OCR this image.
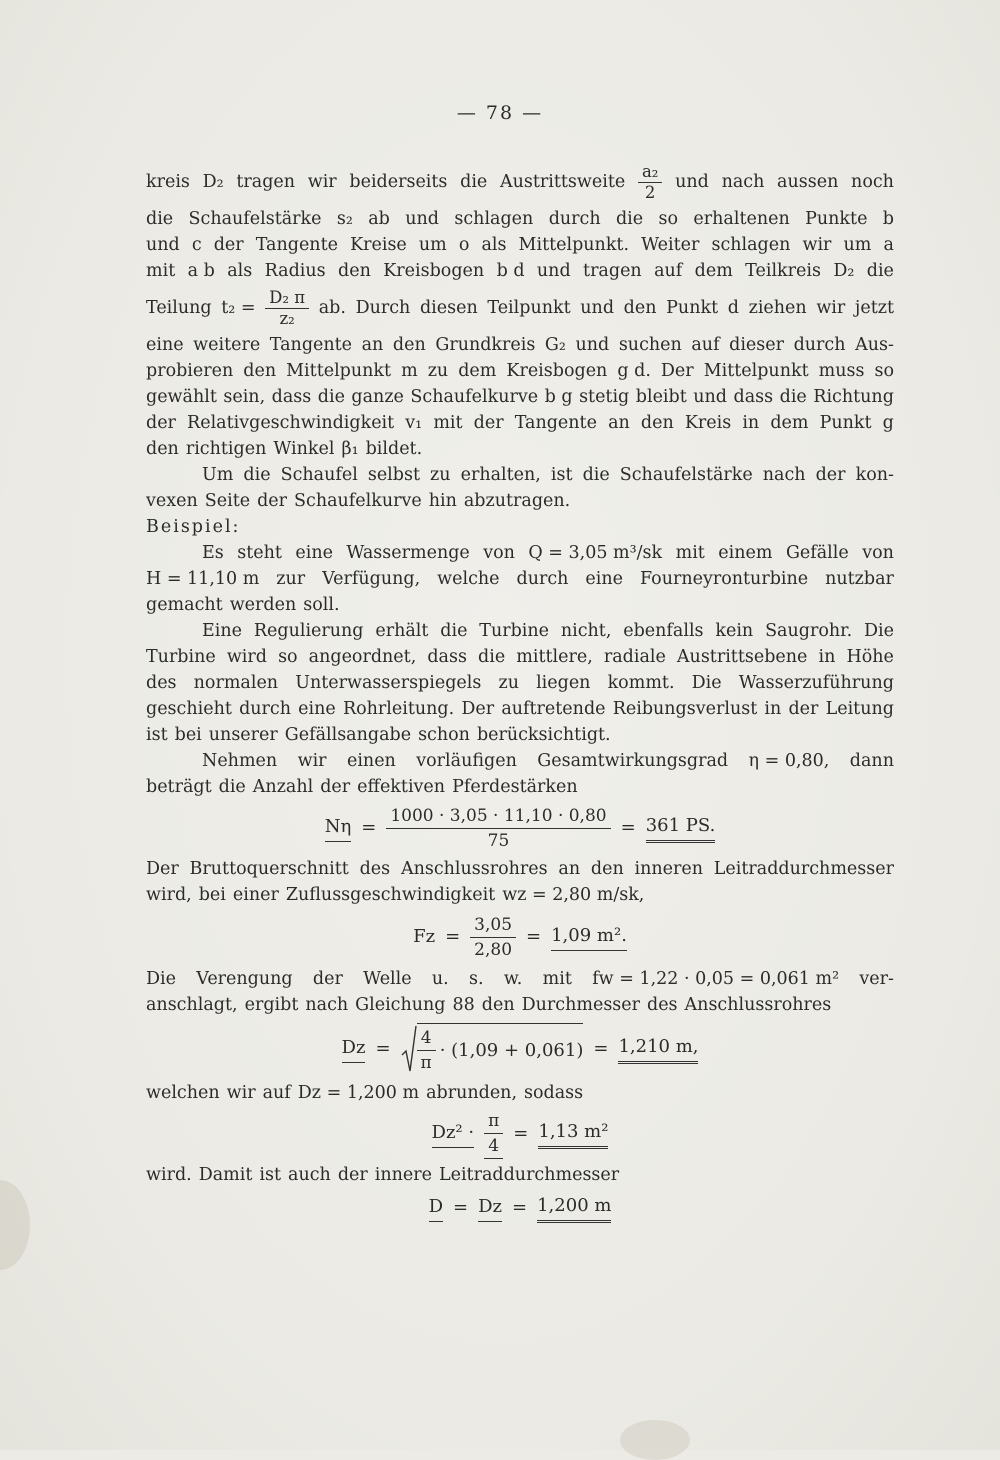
— 78 —
kreis D₂ tragen wir beiderseits die Austrittsweite $\frac{\text{a₂}}{2}$ und nach aussen noch
die Schaufelstärke s₂ ab und schlagen durch die so erhaltenen Punkte b
und c der Tangente Kreise um o als Mittelpunkt. Weiter schlagen wir um a
mit a b als Radius den Kreisbogen b d und tragen auf dem Teilkreis D₂ die
Teilung $t_2 = \frac{\text{D₂ π}}{\text{z₂}}$ ab. Durch diesen Teilpunkt und den Punkt d ziehen wir jetzt
eine weitere Tangente an den Grundkreis G₂ und suchen auf dieser durch Aus-
probieren den Mittelpunkt m zu dem Kreisbogen g d. Der Mittelpunkt muss so
gewählt sein, dass die ganze Schaufelkurve b g stetig bleibt und dass die Richtung
der Relativgeschwindigkeit v₁ mit der Tangente an den Kreis in dem Punkt g
den richtigen Winkel β₁ bildet.
Um die Schaufel selbst zu erhalten, ist die Schaufelstärke nach der kon-
vexen Seite der Schaufelkurve hin abzutragen.
Beispiel:
Es steht eine Wassermenge von Q = 3,05 m³/sk mit einem Gefälle von
H = 11,10 m zur Verfügung, welche durch eine Fourneyronturbine nutzbar
gemacht werden soll.
Eine Regulierung erhält die Turbine nicht, ebenfalls kein Saugrohr. Die
Turbine wird so angeordnet, dass die mittlere, radiale Austrittsebene in Höhe
des normalen Unterwasserspiegels zu liegen kommt. Die Wasserzuführung
geschieht durch eine Rohrleitung. Der auftretende Reibungsverlust in der Leitung
ist bei unserer Gefällsangabe schon berücksichtigt.
Nehmen wir einen vorläufigen Gesamtwirkungsgrad η = 0,80, dann
beträgt die Anzahl der effektiven Pferdestärken
$N\eta = \frac{1000 \cdot 3,05 \cdot 11,10 \cdot 0,80}{75} = 361$ PS.
Der Bruttoquerschnitt des Anschlussrohres an den inneren Leitraddurchmesser
wird, bei einer Zuflussgeschwindigkeit wz = 2,80 m/sk,
$Fz = \frac{3,05}{2,80} = 1,09$ m².
Die Verengung der Welle u. s. w. mit fw = 1,22 · 0,05 = 0,061 m² ver-
anschlagt, ergibt nach Gleichung 88 den Durchmesser des Anschlussrohres
$Dz = \frac{4}{\pi} \cdot (1,09 + 0,061) = 1,210$ m,
welchen wir auf Dz = 1,200 m abrunden, sodass
$Dz^2 \cdot \frac{\pi}{4} = 1,13$ m²
wird. Damit ist auch der innere Leitraddurchmesser
D = Dz = 1,200 m
